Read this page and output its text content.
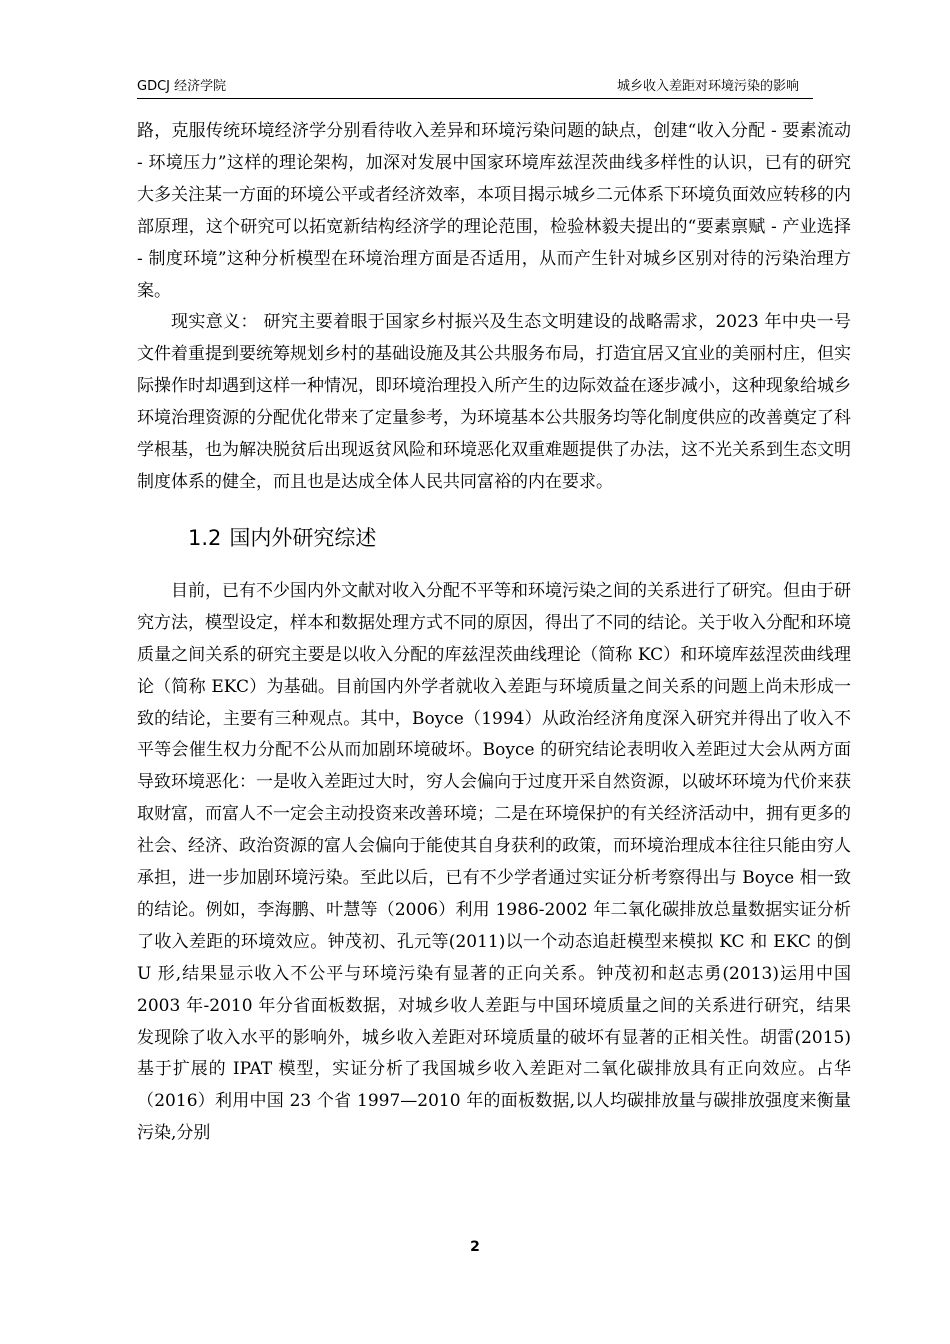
GDCJ 经济学院	城乡收入差距对环境污染的影响

路，克服传统环境经济学分别看待收入差异和环境污染问题的缺点，创建“收入分配 - 要素流动 - 环境压力”这样的理论架构，加深对发展中国家环境库兹涅茨曲线多样性的认识，已有的研究大多关注某一方面的环境公平或者经济效率，本项目揭示城乡二元体系下环境负面效应转移的内部原理，这个研究可以拓宽新结构经济学的理论范围，检验林毅夫提出的“要素禀赋 - 产业选择 - 制度环境”这种分析模型在环境治理方面是否适用，从而产生针对城乡区别对待的污染治理方案。

现实意义： 研究主要着眼于国家乡村振兴及生态文明建设的战略需求，2023 年中央一号文件着重提到要统筹规划乡村的基础设施及其公共服务布局，打造宜居又宜业的美丽村庄，但实际操作时却遇到这样一种情况，即环境治理投入所产生的边际效益在逐步减小，这种现象给城乡环境治理资源的分配优化带来了定量参考，为环境基本公共服务均等化制度供应的改善奠定了科学根基，也为解决脱贫后出现返贫风险和环境恶化双重难题提供了办法，这不光关系到生态文明制度体系的健全，而且也是达成全体人民共同富裕的内在要求。

1.2 国内外研究综述

目前，已有不少国内外文献对收入分配不平等和环境污染之间的关系进行了研究。但由于研究方法，模型设定，样本和数据处理方式不同的原因，得出了不同的结论。关于收入分配和环境质量之间关系的研究主要是以收入分配的库兹涅茨曲线理论（简称 KC）和环境库兹涅茨曲线理论（简称 EKC）为基础。目前国内外学者就收入差距与环境质量之间关系的问题上尚未形成一致的结论，主要有三种观点。其中，Boyce（1994）从政治经济角度深入研究并得出了收入不平等会催生权力分配不公从而加剧环境破坏。Boyce 的研究结论表明收入差距过大会从两方面导致环境恶化：一是收入差距过大时，穷人会偏向于过度开采自然资源，以破坏环境为代价来获取财富，而富人不一定会主动投资来改善环境；二是在环境保护的有关经济活动中，拥有更多的社会、经济、政治资源的富人会偏向于能使其自身获利的政策，而环境治理成本往往只能由穷人承担，进一步加剧环境污染。至此以后，已有不少学者通过实证分析考察得出与 Boyce 相一致的结论。例如，李海鹏、叶慧等（2006）利用 1986-2002 年二氧化碳排放总量数据实证分析了收入差距的环境效应。钟茂初、孔元等(2011)以一个动态追赶模型来模拟 KC 和 EKC 的倒 U 形,结果显示收入不公平与环境污染有显著的正向关系。钟茂初和赵志勇(2013)运用中国 2003 年-2010 年分省面板数据，对城乡收人差距与中国环境质量之间的关系进行研究，结果发现除了收入水平的影响外，城乡收入差距对环境质量的破坏有显著的正相关性。胡雷(2015)基于扩展的 IPAT 模型，实证分析了我国城乡收入差距对二氧化碳排放具有正向效应。占华（2016）利用中国 23 个省 1997—2010 年的面板数据,以人均碳排放量与碳排放强度来衡量污染,分别

2
